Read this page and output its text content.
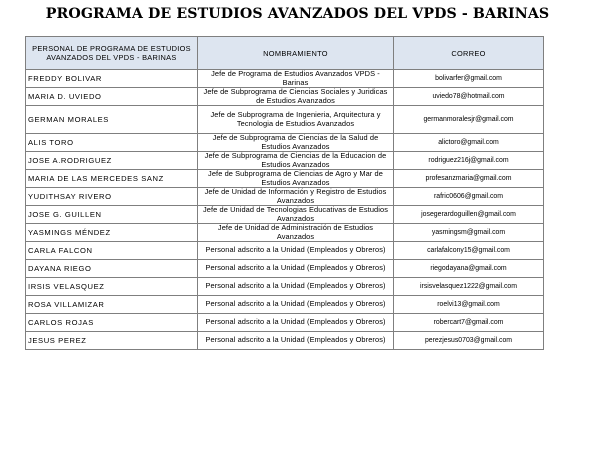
PROGRAMA DE ESTUDIOS AVANZADOS DEL VPDS - BARINAS
PERSONAL DE PROGRAMA DE ESTUDIOS AVANZADOS DEL VPDS - BARINAS	NOMBRAMIENTO	CORREO
FREDDY BOLIVAR	Jefe de Programa de Estudios Avanzados VPDS - Barinas	bolivarfer@gmail.com
MARIA D. UVIEDO	Jefe de Subprograma de Ciencias Sociales y Juridicas de Estudios Avanzados	uviedo78@hotmail.com
GERMAN MORALES	Jefe de Subprograma de Ingenieria, Arquitectura y Tecnologia de Estudios Avanzados	germanmoralesjr@gmail.com
ALIS TORO	Jefe de Subprograma de Ciencias de la Salud de Estudios Avanzados	alictoro@gmail.com
JOSE A.RODRIGUEZ	Jefe de Subprograma de Ciencias de la Educacion de Estudios Avanzados	rodriguez216j@gmail.com
MARIA DE LAS MERCEDES SANZ	Jefe de Subprograma de Ciencias de Agro y Mar de Estudios Avanzados	profesanzmaria@gmail.com
YUDITHSAY RIVERO	Jefe de Unidad de Información y Registro de Estudios Avanzados	rafric0606@gmail.com
JOSE G. GUILLEN	Jefe de Unidad de Tecnologias Educativas de Estudios Avanzados	josegerardoguillen@gmail.com
YASMINGS MÉNDEZ	Jefe de Unidad de Administración de Estudios Avanzados	yasmingsm@gmail.com
CARLA FALCON	Personal adscrito a la Unidad (Empleados y Obreros)	carlafalcony15@gmail.com
DAYANA RIEGO	Personal adscrito a la Unidad (Empleados y Obreros)	riegodayana@gmail.com
IRSIS VELASQUEZ	Personal adscrito a la Unidad (Empleados y Obreros)	irsisvelasquez1222@gmail.com
ROSA VILLAMIZAR	Personal adscrito a la Unidad (Empleados y Obreros)	roelvi13@gmail.com
CARLOS ROJAS	Personal adscrito a la Unidad (Empleados y Obreros)	robercart7@gmail.com
JESUS PEREZ	Personal adscrito a la Unidad (Empleados y Obreros)	perezjesus0703@gmail.com
